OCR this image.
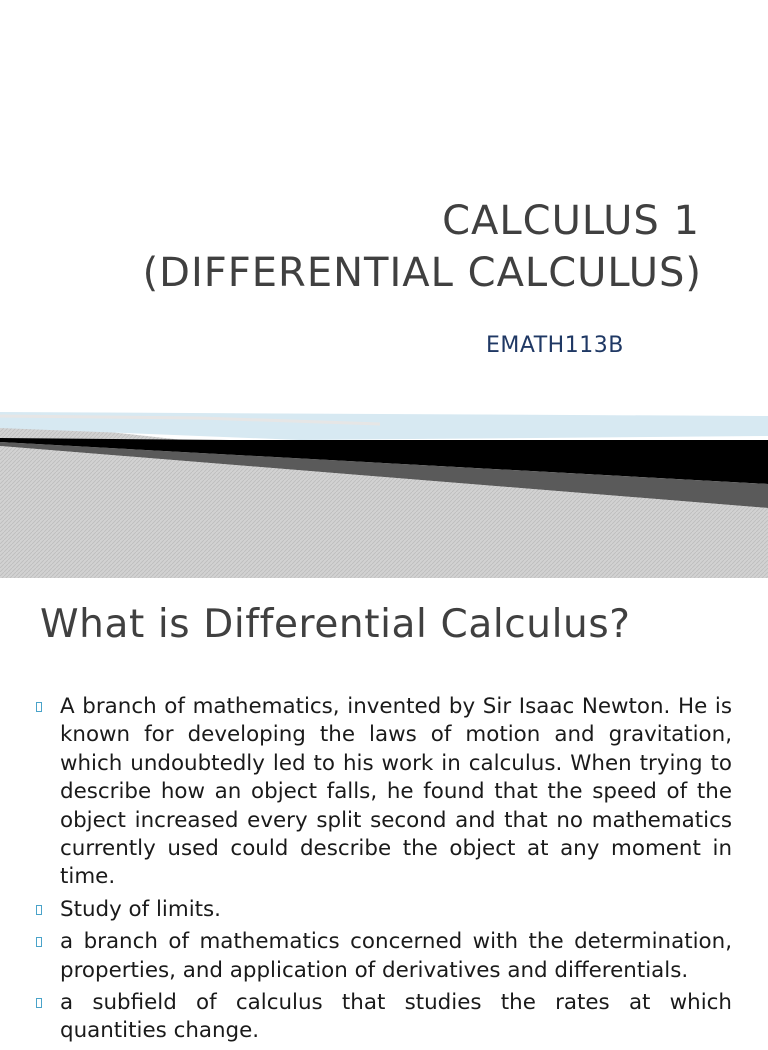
CALCULUS 1
(DIFFERENTIAL CALCULUS)
EMATH113B
What is Differential Calculus?
A branch of mathematics, invented by Sir Isaac Newton. He is known for developing the laws of motion and gravitation, which undoubtedly led to his work in calculus. When trying to describe how an object falls, he found that the speed of the object increased every split second and that no mathematics currently used could describe the object at any moment in time.
Study of limits.
a branch of mathematics concerned with the determination, properties, and application of derivatives and differentials.
a subfield of calculus that studies the rates at which quantities change.
